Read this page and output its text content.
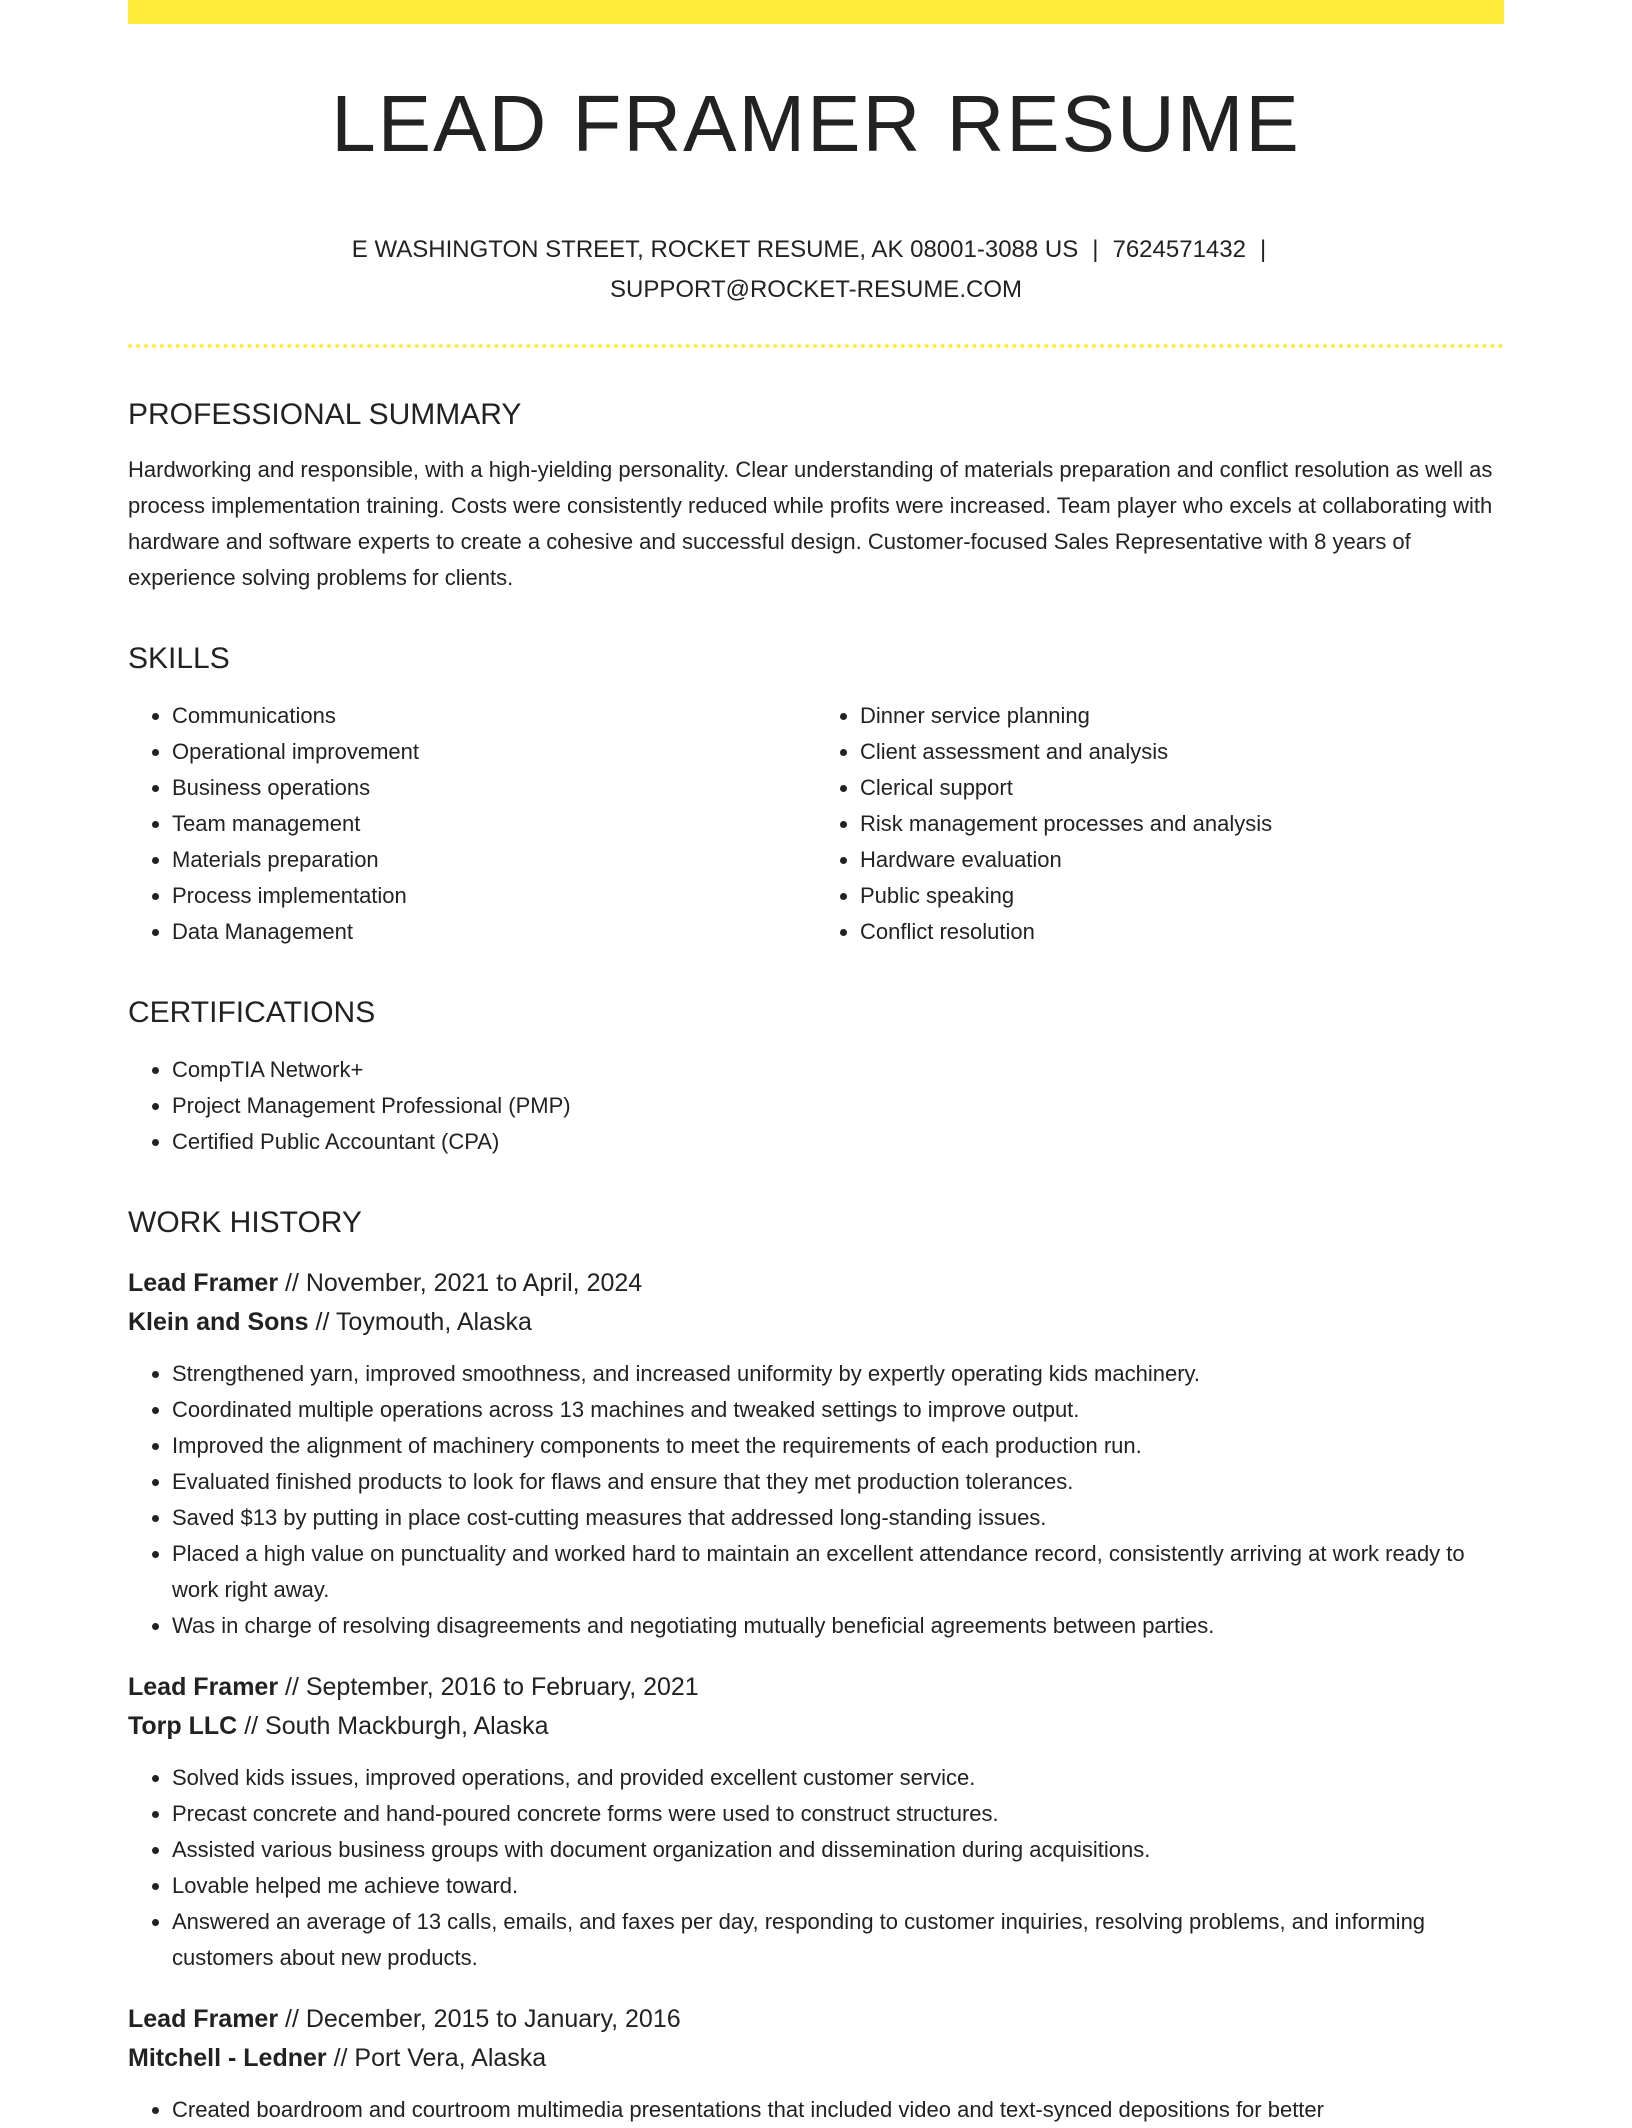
LEAD FRAMER RESUME
E WASHINGTON STREET, ROCKET RESUME, AK 08001-3088 US | 7624571432 |
SUPPORT@ROCKET-RESUME.COM
PROFESSIONAL SUMMARY

Hardworking and responsible, with a high-yielding personality. Clear understanding of materials preparation and conflict resolution as well as process implementation training. Costs were consistently reduced while profits were increased. Team player who excels at collaborating with hardware and software experts to create a cohesive and successful design. Customer-focused Sales Representative with 8 years of experience solving problems for clients.

SKILLS
• Communications
• Operational improvement
• Business operations
• Team management
• Materials preparation
• Process implementation
• Data Management
• Dinner service planning
• Client assessment and analysis
• Clerical support
• Risk management processes and analysis
• Hardware evaluation
• Public speaking
• Conflict resolution
CERTIFICATIONS
• CompTIA Network+
• Project Management Professional (PMP)
• Certified Public Accountant (CPA)
WORK HISTORY
Lead Framer // November, 2021 to April, 2024
Klein and Sons // Toymouth, Alaska
• Strengthened yarn, improved smoothness, and increased uniformity by expertly operating kids machinery.
• Coordinated multiple operations across 13 machines and tweaked settings to improve output.
• Improved the alignment of machinery components to meet the requirements of each production run.
• Evaluated finished products to look for flaws and ensure that they met production tolerances.
• Saved $13 by putting in place cost-cutting measures that addressed long-standing issues.
• Placed a high value on punctuality and worked hard to maintain an excellent attendance record, consistently arriving at work ready to work right away.
• Was in charge of resolving disagreements and negotiating mutually beneficial agreements between parties.
Lead Framer // September, 2016 to February, 2021
Torp LLC // South Mackburgh, Alaska
• Solved kids issues, improved operations, and provided excellent customer service.
• Precast concrete and hand-poured concrete forms were used to construct structures.
• Assisted various business groups with document organization and dissemination during acquisitions.
• Lovable helped me achieve toward.
• Answered an average of 13 calls, emails, and faxes per day, responding to customer inquiries, resolving problems, and informing customers about new products.
Lead Framer // December, 2015 to January, 2016
Mitchell - Ledner // Port Vera, Alaska
• Created boardroom and courtroom multimedia presentations that included video and text-synced depositions for better
